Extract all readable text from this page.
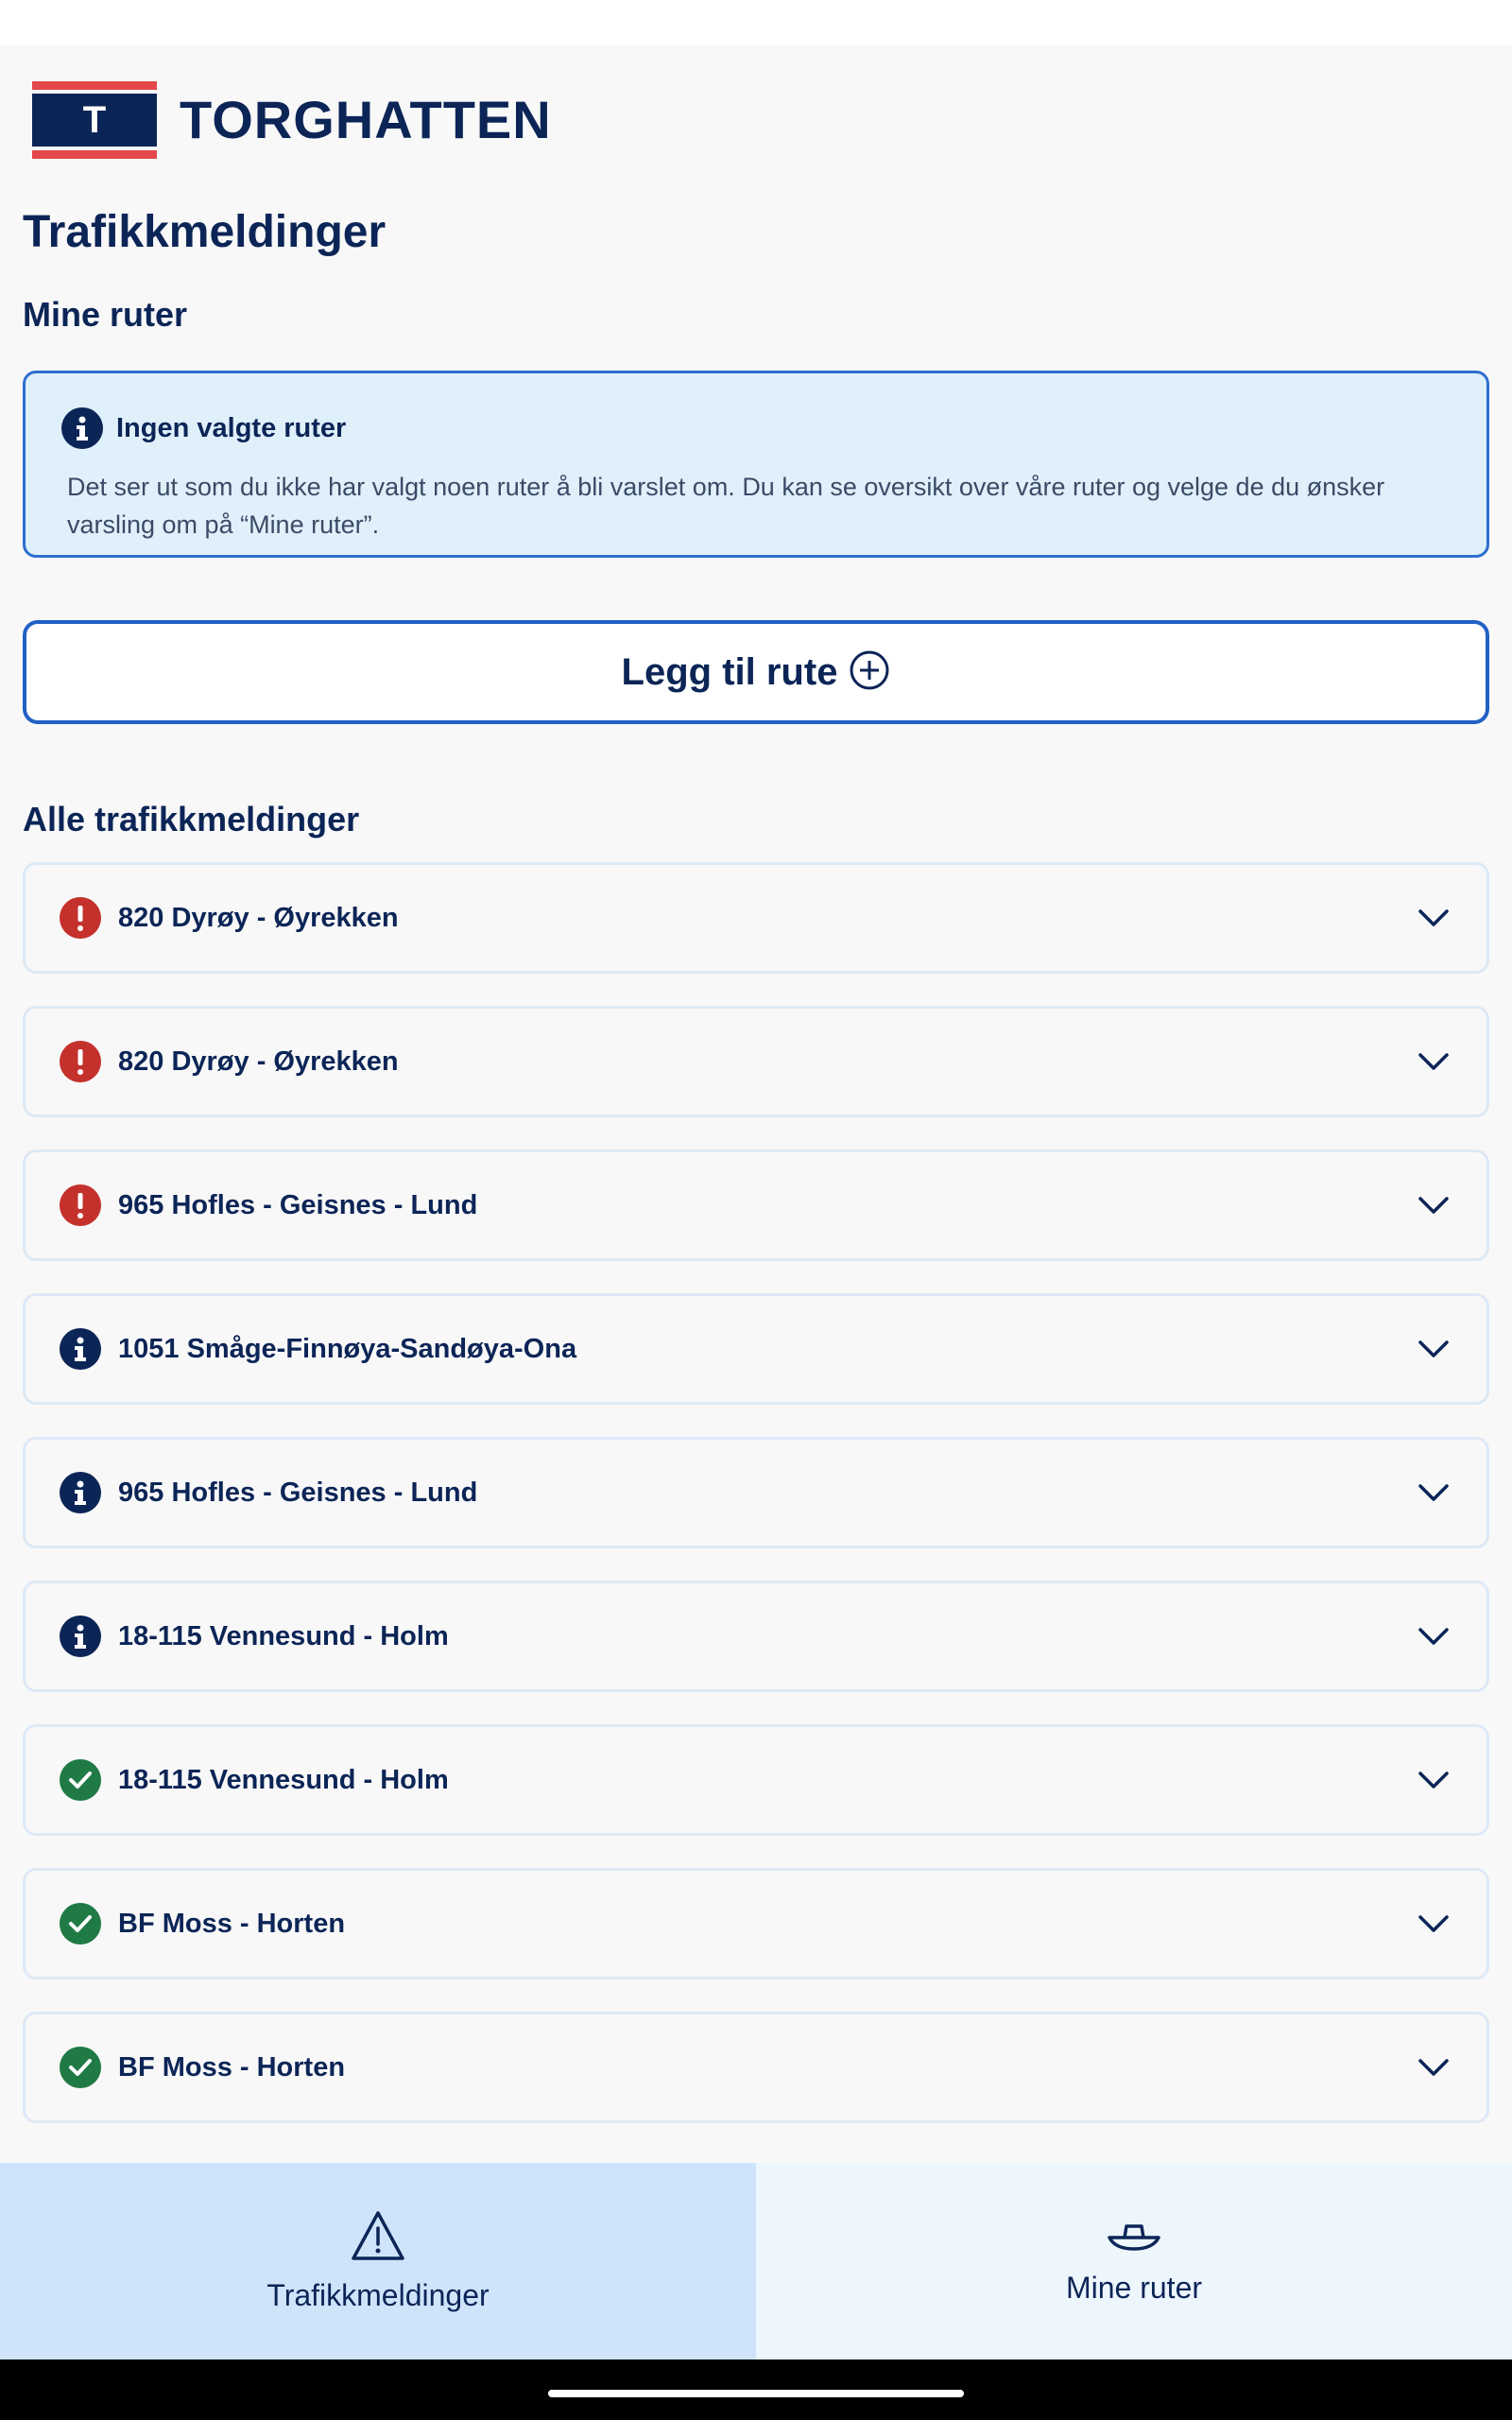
T TORGHATTEN
Trafikkmeldinger
Mine ruter
Ingen valgte ruter

Det ser ut som du ikke har valgt noen ruter å bli varslet om. Du kan se oversikt over våre ruter og velge de du ønsker varsling om på “Mine ruter”.

Legg til rute
Alle trafikkmeldinger
820 Dyrøy - Øyrekken
820 Dyrøy - Øyrekken
965 Hofles - Geisnes - Lund
1051 Småge-Finnøya-Sandøya-Ona
965 Hofles - Geisnes - Lund
18-115 Vennesund - Holm
18-115 Vennesund - Holm
BF Moss - Horten
BF Moss - Horten
Trafikkmeldinger	Mine ruter
